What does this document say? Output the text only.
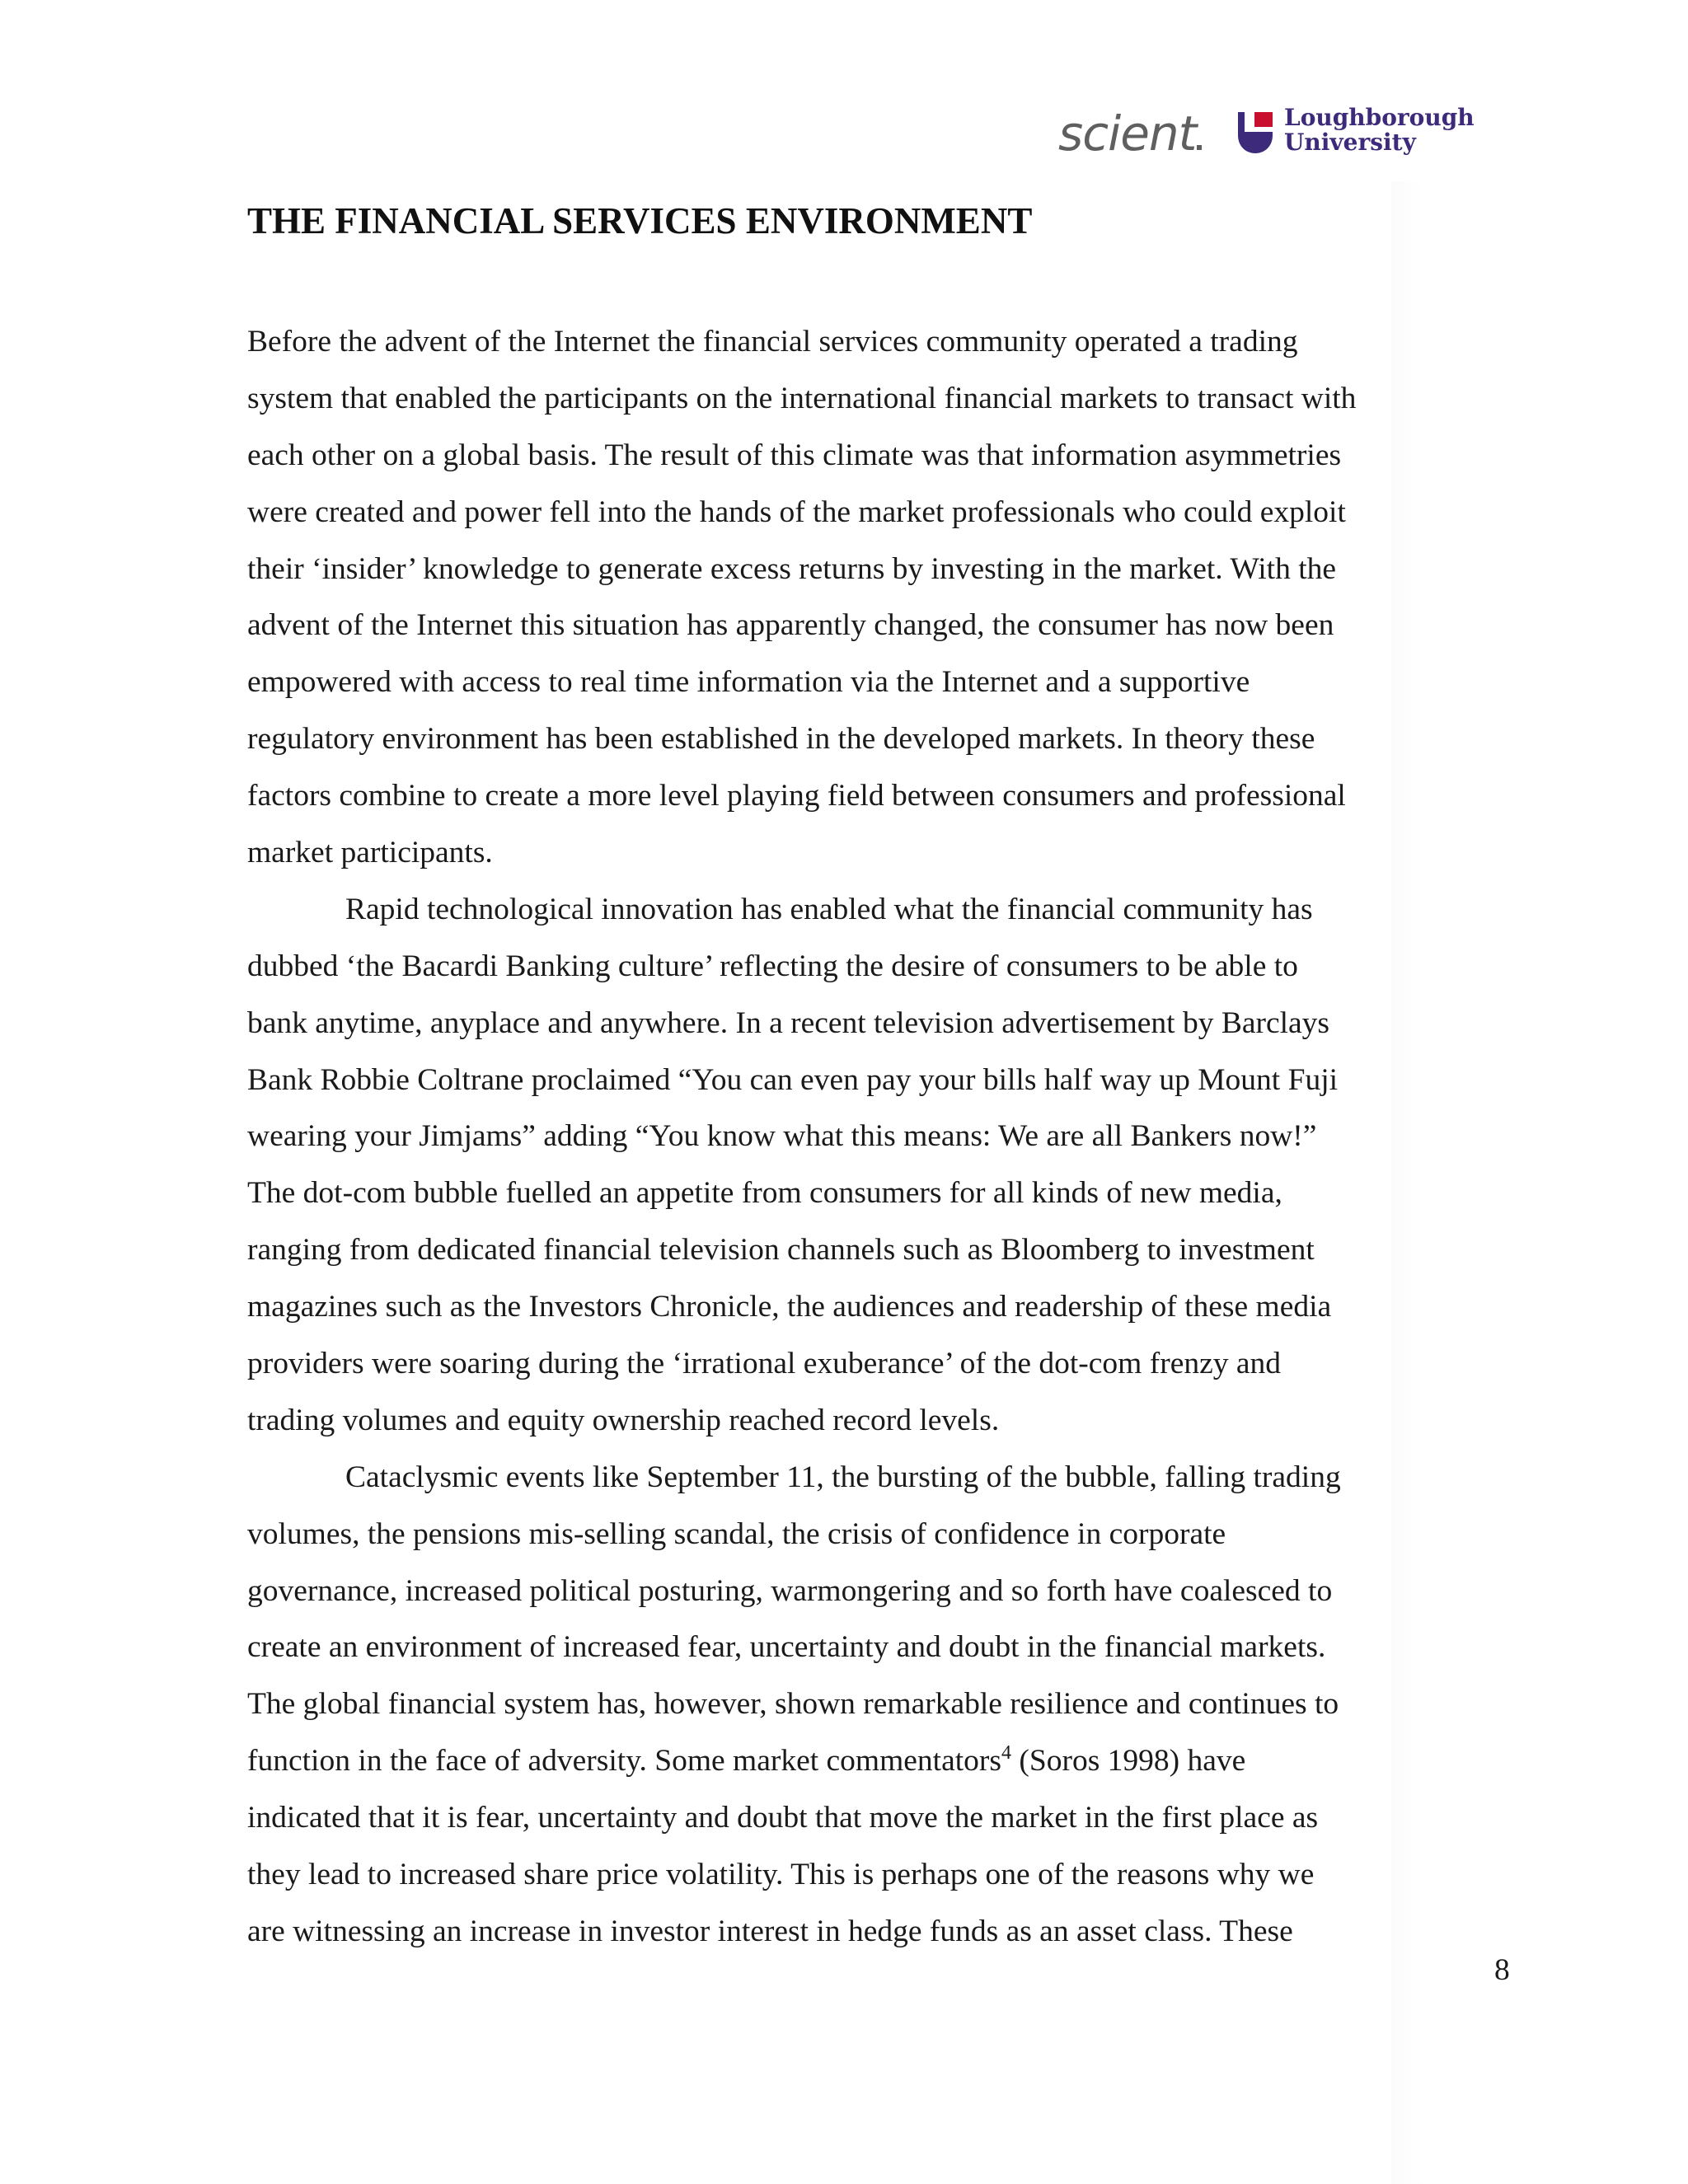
scient	Loughborough
University
THE FINANCIAL SERVICES ENVIRONMENT
Before the advent of the Internet the financial services community operated a trading
system that enabled the participants on the international financial markets to transact with
each other on a global basis. The result of this climate was that information asymmetries
were created and power fell into the hands of the market professionals who could exploit
their ‘insider’ knowledge to generate excess returns by investing in the market. With the
advent of the Internet this situation has apparently changed, the consumer has now been
empowered with access to real time information via the Internet and a supportive
regulatory environment has been established in the developed markets. In theory these
factors combine to create a more level playing field between consumers and professional
market participants.
Rapid technological innovation has enabled what the financial community has
dubbed ‘the Bacardi Banking culture’ reflecting the desire of consumers to be able to
bank anytime, anyplace and anywhere. In a recent television advertisement by Barclays
Bank Robbie Coltrane proclaimed “You can even pay your bills half way up Mount Fuji
wearing your Jimjams” adding “You know what this means: We are all Bankers now!”
The dot-com bubble fuelled an appetite from consumers for all kinds of new media,
ranging from dedicated financial television channels such as Bloomberg to investment
magazines such as the Investors Chronicle, the audiences and readership of these media
providers were soaring during the ‘irrational exuberance’ of the dot-com frenzy and
trading volumes and equity ownership reached record levels.
Cataclysmic events like September 11, the bursting of the bubble, falling trading
volumes, the pensions mis-selling scandal, the crisis of confidence in corporate
governance, increased political posturing, warmongering and so forth have coalesced to
create an environment of increased fear, uncertainty and doubt in the financial markets.
The global financial system has, however, shown remarkable resilience and continues to
function in the face of adversity. Some market commentators$^4$ (Soros 1998) have
indicated that it is fear, uncertainty and doubt that move the market in the first place as
they lead to increased share price volatility. This is perhaps one of the reasons why we
are witnessing an increase in investor interest in hedge funds as an asset class. These
8
